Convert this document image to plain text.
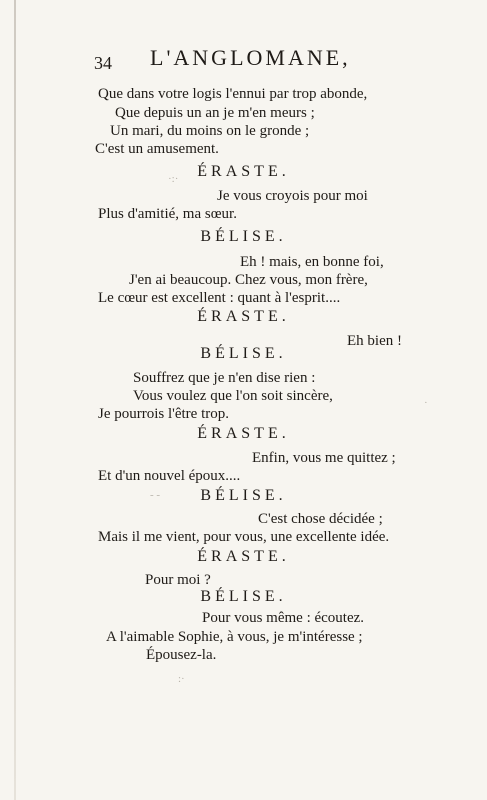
34 L'ANGLOMANE,
Que dans votre logis l'ennui par trop abonde,
Que depuis un an je m'en meurs ;
Un mari, du moins on le gronde ;
C'est un amusement.
ÉRASTE.
Je vous croyois pour moi
Plus d'amitié, ma sœur.
BÉLISE.
Eh ! mais, en bonne foi,
J'en ai beaucoup. Chez vous, mon frère,
Le cœur est excellent : quant à l'esprit....
ÉRASTE.
Eh bien !
BÉLISE.
Souffrez que je n'en dise rien :
Vous voulez que l'on soit sincère,
Je pourrois l'être trop.
ÉRASTE.
Enfin, vous me quittez ;
Et d'un nouvel époux....
BÉLISE.
C'est chose décidée ;
Mais il me vient, pour vous, une excellente idée.
ÉRASTE.
Pour moi ?
BÉLISE.
Pour vous même : écoutez.
A l'aimable Sophie, à vous, je m'intéresse ;
Épousez-la.
·:·
·
- -
:·
